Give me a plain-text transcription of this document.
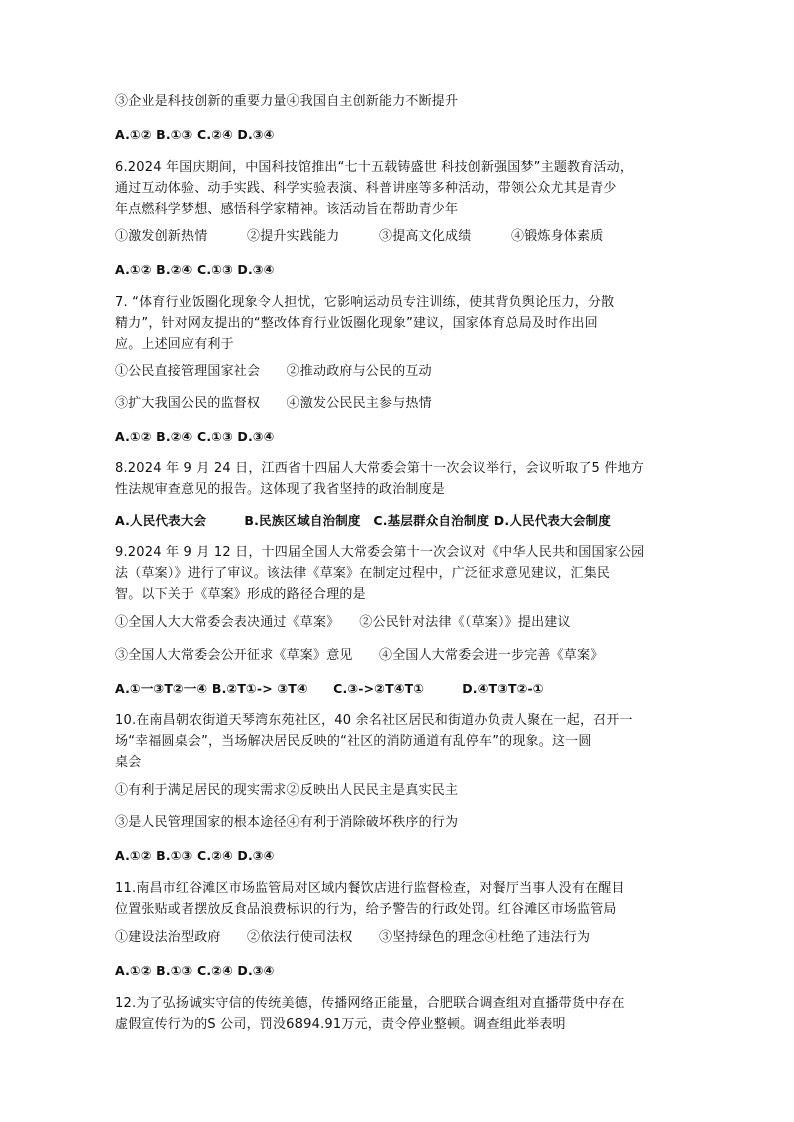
③企业是科技创新的重要力量④我国自主创新能力不断提升
A.①② B.①③ C.②④ D.③④
6.2024 年国庆期间，中国科技馆推出“七十五载铸盛世 科技创新强国梦”主题教育活动，
通过互动体验、动手实践、科学实验表演、科普讲座等多种活动，带领公众尤其是青少
年点燃科学梦想、感悟科学家精神。该活动旨在帮助青少年
①激发创新热情　　　②提升实践能力　　　③提高文化成绩　　　④锻炼身体素质
A.①② B.②④ C.①③ D.③④
7. “体育行业饭圈化现象令人担忧，它影响运动员专注训练，使其背负舆论压力，分散
精力”，针对网友提出的“整改体育行业饭圈化现象”建议，国家体育总局及时作出回
应。上述回应有利于
①公民直接管理国家社会　　②推动政府与公民的互动
③扩大我国公民的监督权　　④激发公民民主参与热情
A.①② B.②④ C.①③ D.③④
8.2024 年 9 月 24 日，江西省十四届人大常委会第十一次会议举行，会议听取了5 件地方
性法规审查意见的报告。这体现了我省坚持的政治制度是
A.人民代表大会　　　B.民族区域自治制度　C.基层群众自治制度 D.人民代表大会制度
9.2024 年 9 月 12 日，十四届全国人大常委会第十一次会议对《中华人民共和国国家公园
法（草案）》进行了审议。该法律《草案》在制定过程中，广泛征求意见建议，汇集民
智。以下关于《草案》形成的路径合理的是
①全国人大大常委会表决通过《草案》　　②公民针对法律《（草案）》提出建议
③全国人大常委会公开征求《草案》意见　　④全国人大常委会进一步完善《草案》
A.①一③T②一④ B.②T①-> ③T④　　C.③->②T④T①　　　D.④T③T②-①
10.在南昌朝农街道天琴湾东苑社区，40 余名社区居民和街道办负责人聚在一起，召开一
场“幸福圆桌会”，当场解决居民反映的“社区的消防通道有乱停车”的现象。这一圆
桌会
①有利于满足居民的现实需求②反映出人民民主是真实民主
③是人民管理国家的根本途径④有利于消除破坏秩序的行为
A.①② B.①③ C.②④ D.③④
11.南昌市红谷滩区市场监管局对区域内餐饮店进行监督检查，对餐厅当事人没有在醒目
位置张贴或者摆放反食品浪费标识的行为，给予警告的行政处罚。红谷滩区市场监管局
①建设法治型政府　　②依法行使司法权　　③坚持绿色的理念④杜绝了违法行为
A.①② B.①③ C.②④ D.③④
12.为了弘扬诚实守信的传统美德，传播网络正能量，合肥联合调查组对直播带货中存在
虚假宣传行为的S 公司，罚没6894.91万元，责令停业整顿。调查组此举表明
